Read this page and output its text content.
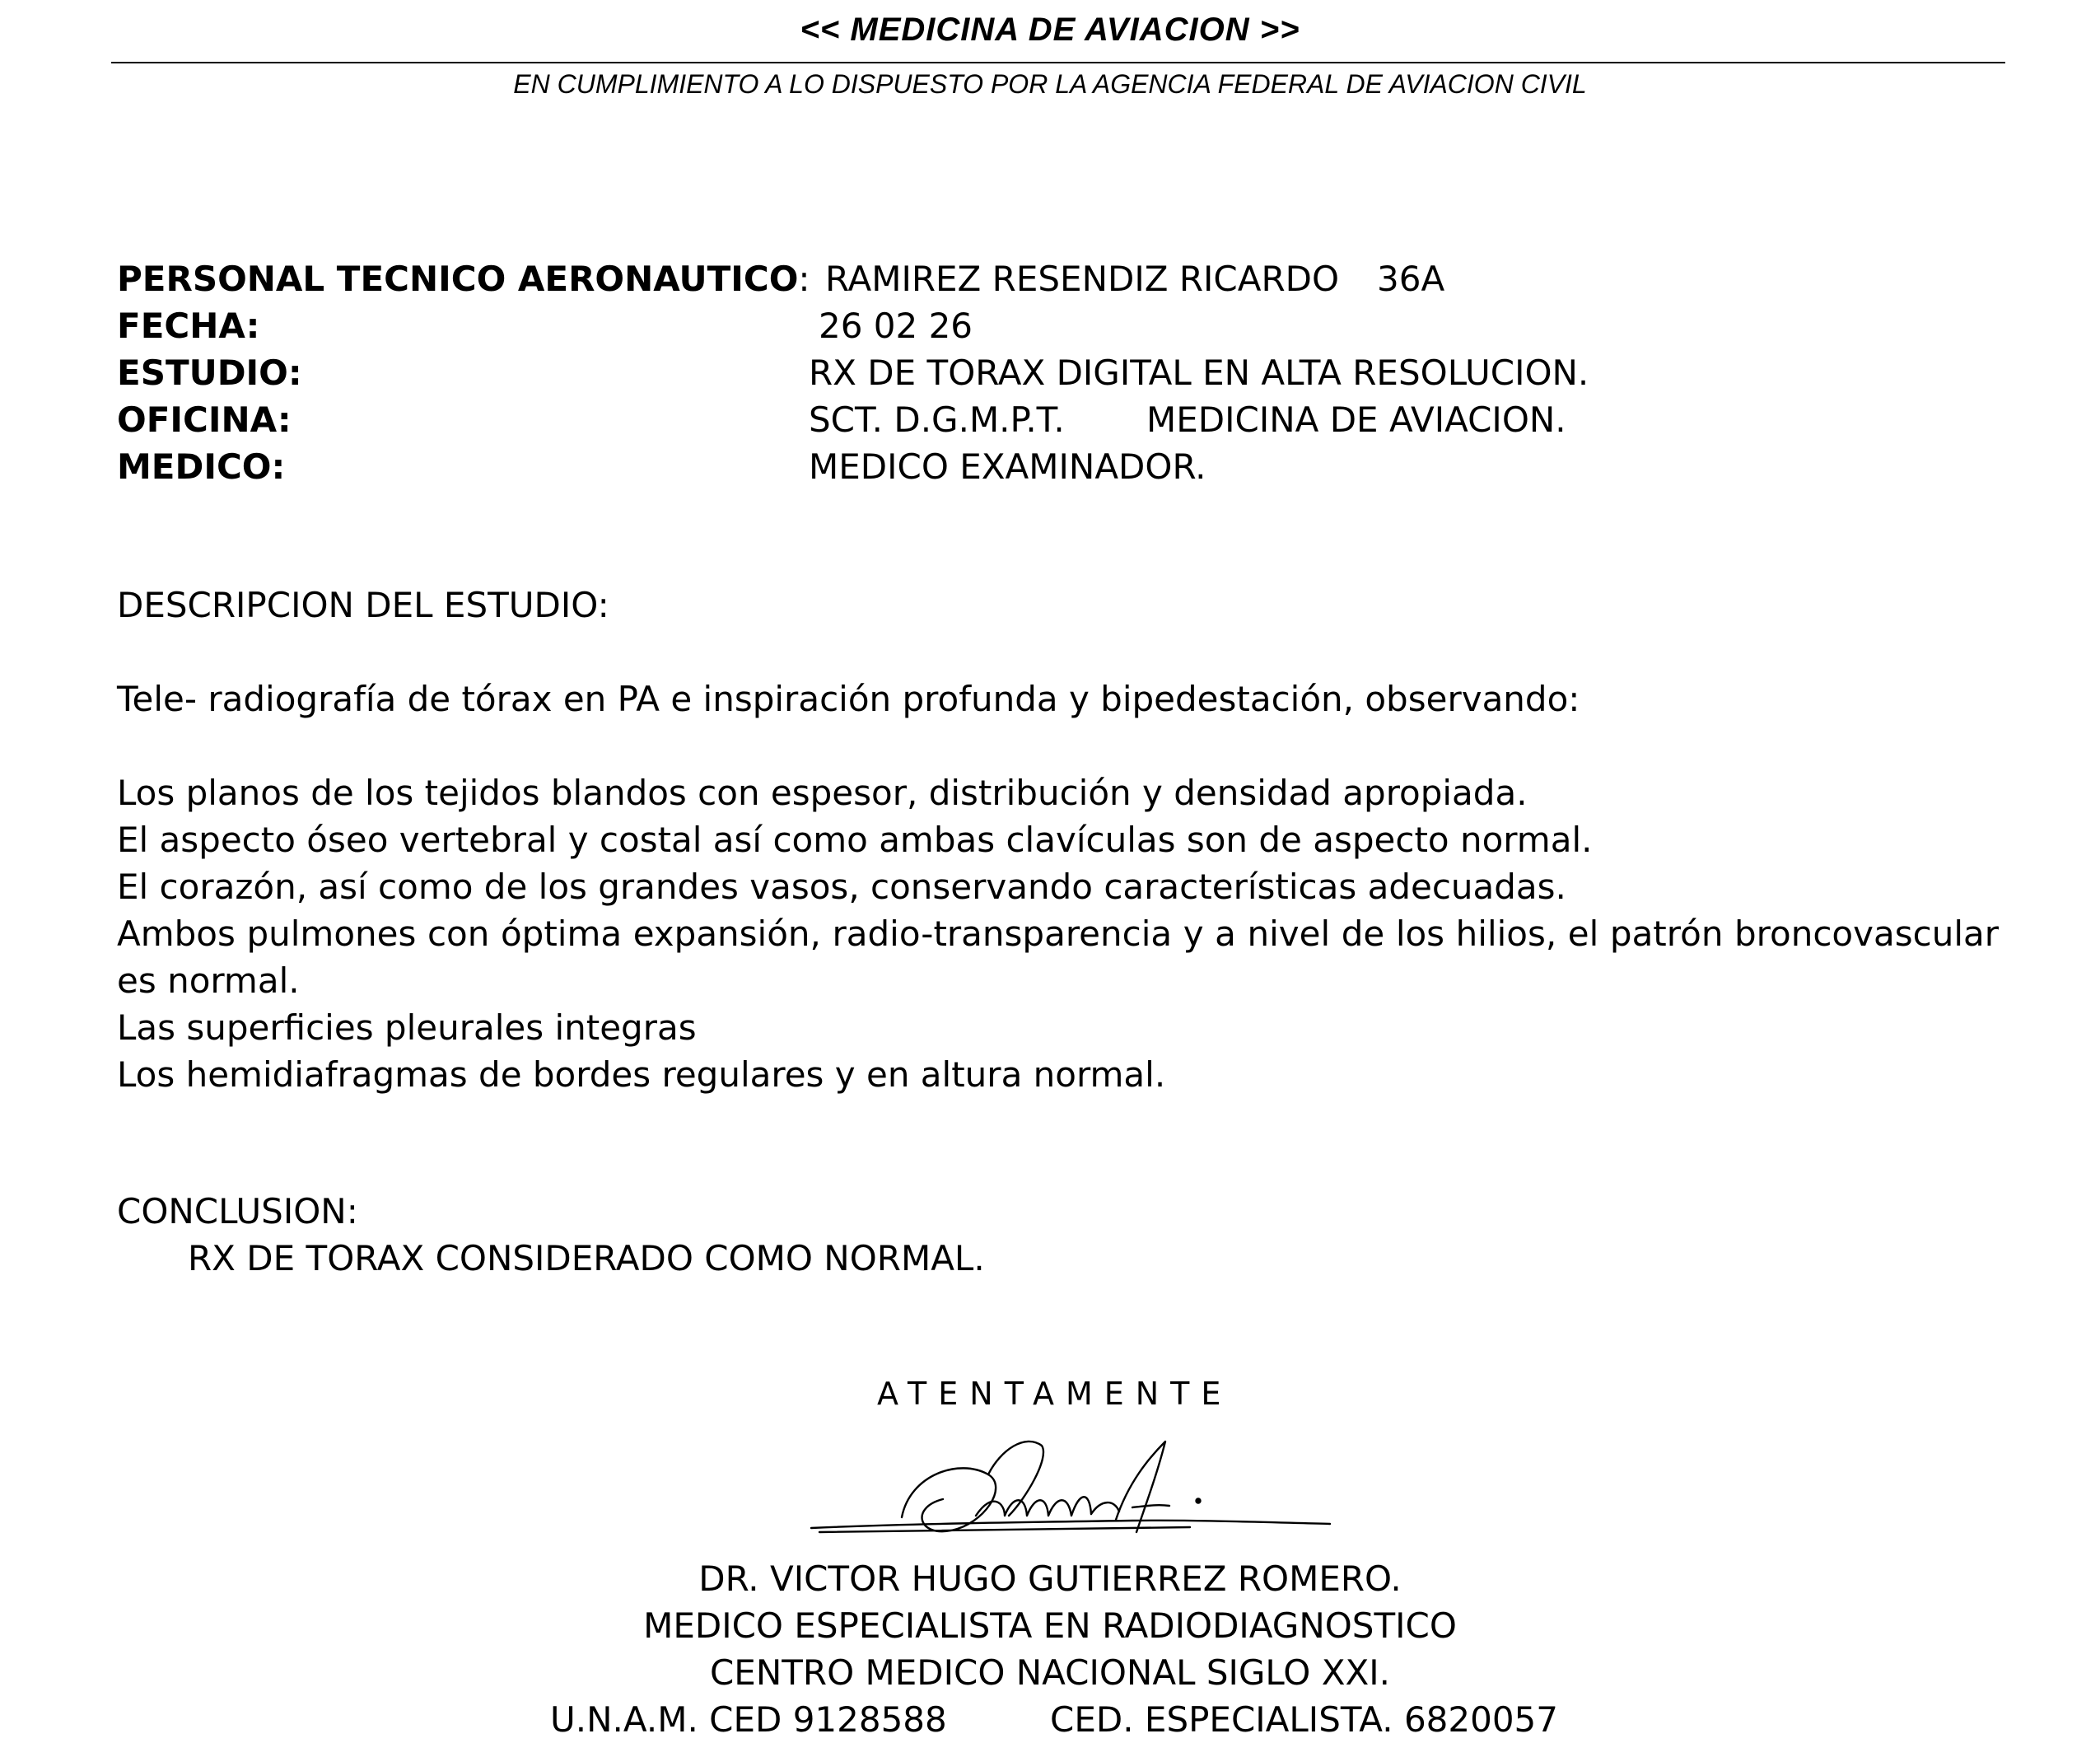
<< MEDICINA DE AVIACION >>
EN CUMPLIMIENTO A LO DISPUESTO POR LA AGENCIA FEDERAL DE AVIACION CIVIL
PERSONAL TECNICO AERONAUTICO: RAMIREZ RESENDIZ RICARDO 36A
FECHA:	26 02 26
ESTUDIO:	RX DE TORAX DIGITAL EN ALTA RESOLUCION.
OFICINA:	SCT. D.G.M.P.T. MEDICINA DE AVIACION.
MEDICO:	MEDICO EXAMINADOR.
DESCRIPCION DEL ESTUDIO:
Tele- radiografía de tórax en PA e inspiración profunda y bipedestación, observando:
Los planos de los tejidos blandos con espesor, distribución y densidad apropiada.
El aspecto óseo vertebral y costal así como ambas clavículas son de aspecto normal.
El corazón, así como de los grandes vasos, conservando características adecuadas.
Ambos pulmones con óptima expansión, radio-transparencia y a nivel de los hilios, el patrón broncovascular es normal.
Las superficies pleurales integras
Los hemidiafragmas de bordes regulares y en altura normal.
CONCLUSION:
RX DE TORAX CONSIDERADO COMO NORMAL.
ATENTAMENTE
DR. VICTOR HUGO GUTIERREZ ROMERO.
MEDICO ESPECIALISTA EN RADIODIAGNOSTICO
CENTRO MEDICO NACIONAL SIGLO XXI.
U.N.A.M. CED 9128588	CED. ESPECIALISTA. 6820057
